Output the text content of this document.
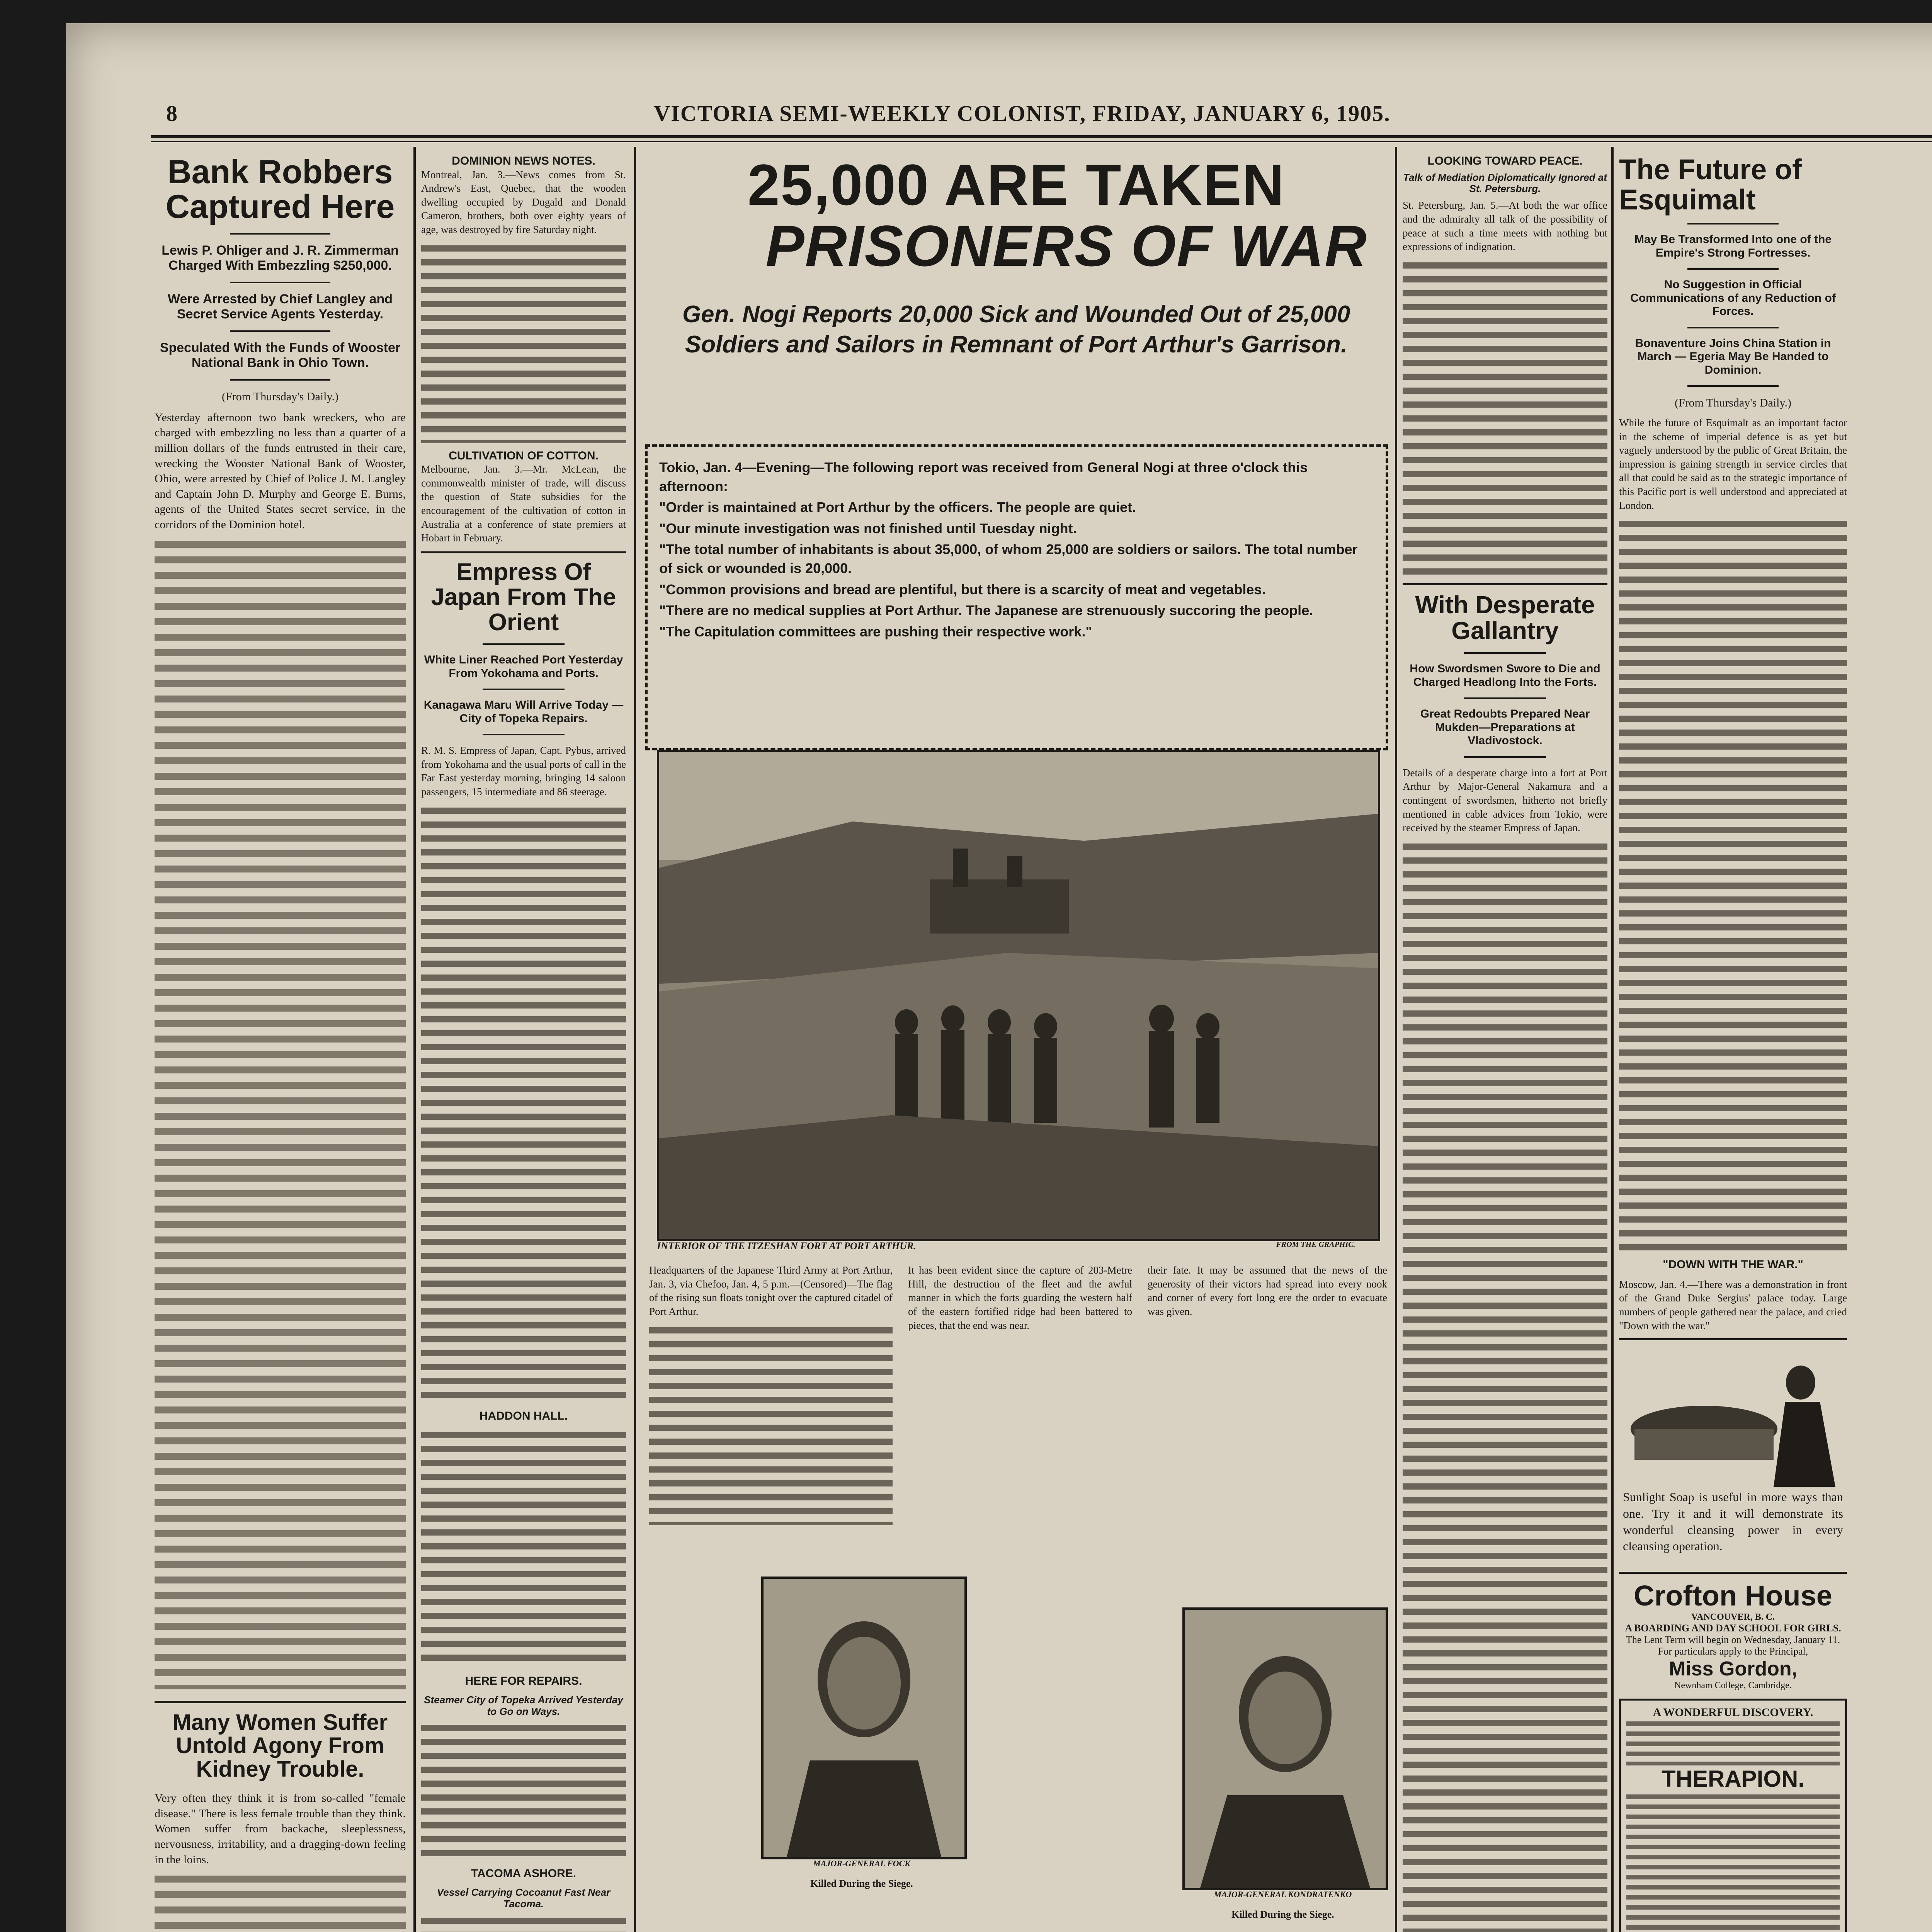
8	VICTORIA SEMI-WEEKLY COLONIST, FRIDAY, JANUARY 6, 1905.
Bank Robbers Captured Here
Lewis P. Ohliger and J. R. Zimmerman Charged With Embezzling $250,000.
Were Arrested by Chief Langley and Secret Service Agents Yesterday.
Speculated With the Funds of Wooster National Bank in Ohio Town.
(From Thursday's Daily.)

Yesterday afternoon two bank wreckers, who are charged with embezzling no less than a quarter of a million dollars of the funds entrusted in their care, wrecking the Wooster National Bank of Wooster, Ohio, were arrested by Chief of Police J. M. Langley and Captain John D. Murphy and George E. Burns, agents of the United States secret service, in the corridors of the Dominion hotel.

Many Women Suffer Untold Agony From Kidney Trouble.

Very often they think it is from so-called "female disease." There is less female trouble than they think. Women suffer from backache, sleeplessness, nervousness, irritability, and a dragging-down feeling in the loins.

DOMINION NEWS NOTES.

Montreal, Jan. 3.—News comes from St. Andrew's East, Quebec, that the wooden dwelling occupied by Dugald and Donald Cameron, brothers, both over eighty years of age, was destroyed by fire Saturday night.

CULTIVATION OF COTTON.

Melbourne, Jan. 3.—Mr. McLean, the commonwealth minister of trade, will discuss the question of State subsidies for the encouragement of the cultivation of cotton in Australia at a conference of state premiers at Hobart in February.

Empress Of Japan From The Orient
White Liner Reached Port Yesterday From Yokohama and Ports.
Kanagawa Maru Will Arrive Today — City of Topeka Repairs.

R. M. S. Empress of Japan, Capt. Pybus, arrived from Yokohama and the usual ports of call in the Far East yesterday morning, bringing 14 saloon passengers, 15 intermediate and 86 steerage.

HADDON HALL.
HERE FOR REPAIRS.
Steamer City of Topeka Arrived Yesterday to Go on Ways.
TACOMA ASHORE.
Vessel Carrying Cocoanut Fast Near Tacoma.

25,000 ARE TAKEN
PRISONERS OF WAR
Gen. Nogi Reports 20,000 Sick and Wounded Out of 25,000 Soldiers and Sailors in Remnant of Port Arthur's Garrison.

Tokio, Jan. 4—Evening—The following report was received from General Nogi at three o'clock this afternoon:

"Order is maintained at Port Arthur by the officers. The people are quiet.

"Our minute investigation was not finished until Tuesday night.

"The total number of inhabitants is about 35,000, of whom 25,000 are soldiers or sailors. The total number of sick or wounded is 20,000.

"Common provisions and bread are plentiful, but there is a scarcity of meat and vegetables.

"There are no medical supplies at Port Arthur. The Japanese are strenuously succoring the people.

"The Capitulation committees are pushing their respective work."

INTERIOR OF THE ITZESHAN FORT AT PORT ARTHUR.	FROM THE GRAPHIC.

Headquarters of the Japanese Third Army at Port Arthur, Jan. 3, via Chefoo, Jan. 4, 5 p.m.—(Censored)—The flag of the rising sun floats tonight over the captured citadel of Port Arthur.

It has been evident since the capture of 203-Metre Hill, the destruction of the fleet and the awful manner in which the forts guarding the western half of the eastern fortified ridge had been battered to pieces, that the end was near.

their fate. It may be assumed that the news of the generosity of their victors had spread into every nook and corner of every fort long ere the order to evacuate was given.

MAJOR-GENERAL FOCK
Killed During the Siege.
MAJOR-GENERAL KONDRATENKO
Killed During the Siege.
LOOKING TOWARD PEACE.
Talk of Mediation Diplomatically Ignored at St. Petersburg.

St. Petersburg, Jan. 5.—At both the war office and the admiralty all talk of the possibility of peace at such a time meets with nothing but expressions of indignation.

With Desperate Gallantry
How Swordsmen Swore to Die and Charged Headlong Into the Forts.
Great Redoubts Prepared Near Mukden—Preparations at Vladivostock.

Details of a desperate charge into a fort at Port Arthur by Major-General Nakamura and a contingent of swordsmen, hitherto not briefly mentioned in cable advices from Tokio, were received by the steamer Empress of Japan.

The Future of Esquimalt
May Be Transformed Into one of the Empire's Strong Fortresses.
No Suggestion in Official Communications of any Reduction of Forces.
Bonaventure Joins China Station in March — Egeria May Be Handed to Dominion.
(From Thursday's Daily.)

While the future of Esquimalt as an important factor in the scheme of imperial defence is as yet but vaguely understood by the public of Great Britain, the impression is gaining strength in service circles that all that could be said as to the strategic importance of this Pacific port is well understood and appreciated at London.

"DOWN WITH THE WAR."

Moscow, Jan. 4.—There was a demonstration in front of the Grand Duke Sergius' palace today. Large numbers of people gathered near the palace, and cried "Down with the war."

Sunlight Soap is useful in more ways than one. Try it and it will demonstrate its wonderful cleansing power in every cleansing operation.

Crofton House
VANCOUVER, B. C.
A BOARDING AND DAY SCHOOL FOR GIRLS.
The Lent Term will begin on Wednesday, January 11.
For particulars apply to the Principal,
Miss Gordon,
Newnham College, Cambridge.
A WONDERFUL DISCOVERY.
THERAPION.
